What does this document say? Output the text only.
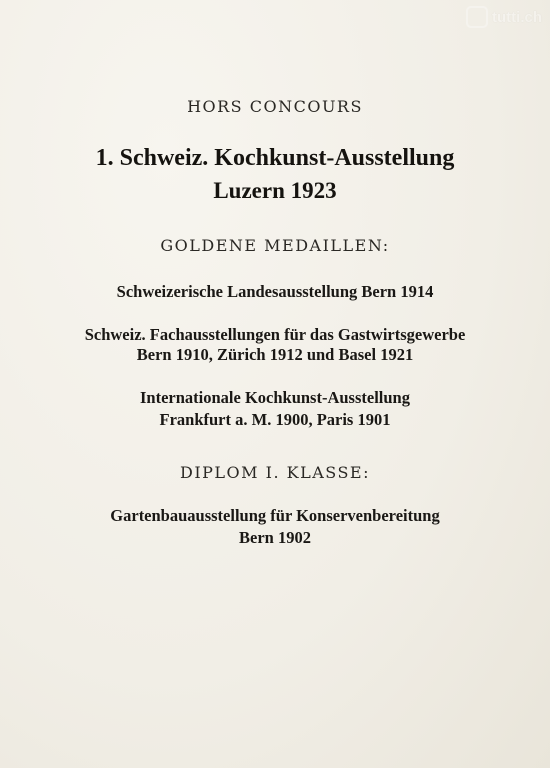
tutti.ch
HORS CONCOURS
1. Schweiz. Kochkunst-Ausstellung
Luzern 1923
GOLDENE MEDAILLEN:
Schweizerische Landesausstellung Bern 1914
Schweiz. Fachausstellungen für das Gastwirtsgewerbe
Bern 1910, Zürich 1912 und Basel 1921
Internationale Kochkunst-Ausstellung
Frankfurt a. M. 1900, Paris 1901
DIPLOM I. KLASSE:
Gartenbauausstellung für Konservenbereitung
Bern 1902
